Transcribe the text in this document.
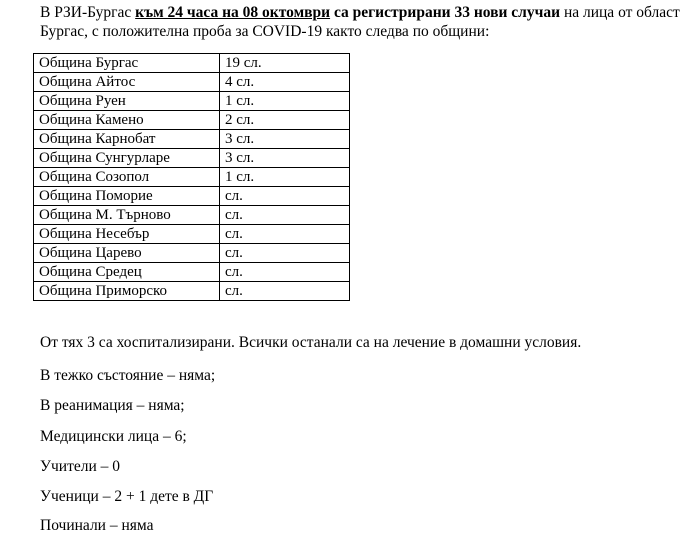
В РЗИ-Бургас към 24 часа на 08 октомври са регистрирани 33 нови случаи на лица от област Бургас, с положителна проба за COVID-19 както следва по общини:
Община Бургас	19 сл.
Община Айтос	4 сл.
Община Руен	1 сл.
Община Камено	2 сл.
Община Карнобат	3 сл.
Община Сунгурларе	3 сл.
Община Созопол	1 сл.
Община Поморие	сл.
Община М. Търново	сл.
Община Несебър	сл.
Община Царево	сл.
Община Средец	сл.
Община Приморско	сл.
От тях 3 са хоспитализирани. Всички останали са на лечение в домашни условия.
В тежко състояние – няма;
В реанимация – няма;
Медицински лица – 6;
Учители – 0
Ученици – 2 + 1 дете в ДГ
Починали – няма
